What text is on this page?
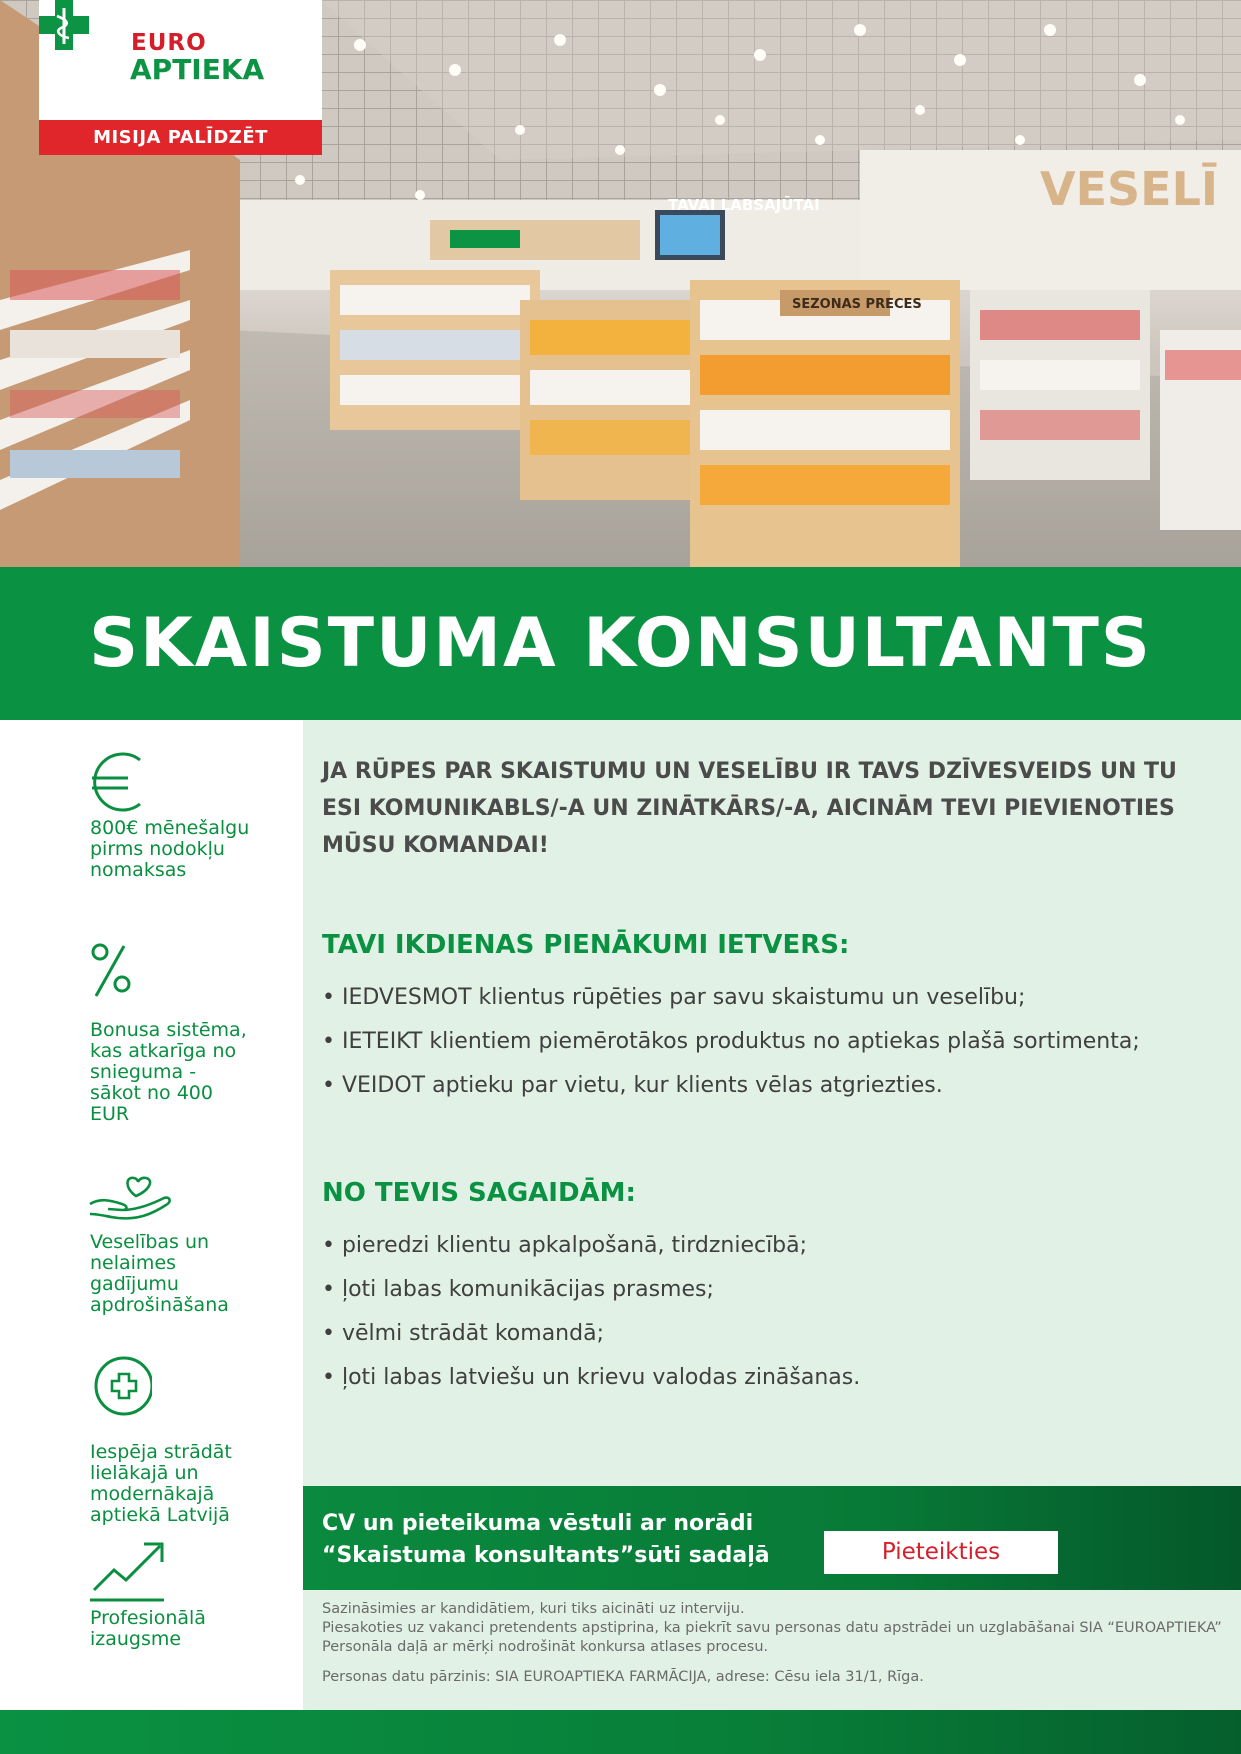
VESELĪ
SEZONAS PRECES
TAVAI LABSAJŪTAI
EURO
APTIEKA
MISIJA PALĪDZĒT
SKAISTUMA KONSULTANTS
800€ mēnešalgu pirms nodokļu nomaksas
Bonusa sistēma, kas atkarīga no snieguma - sākot no 400 EUR
Veselības un nelaimes gadījumu apdrošināšana
Iespēja strādāt lielākajā un modernākajā aptiekā Latvijā
Profesionālā izaugsme
JA RŪPES PAR SKAISTUMU UN VESELĪBU IR TAVS DZĪVESVEIDS UN TU ESI KOMUNIKABLS/-A UN ZINĀTKĀRS/-A, AICINĀM TEVI PIEVIENOTIES MŪSU KOMANDAI!
TAVI IKDIENAS PIENĀKUMI IETVERS:
• IEDVESMOT klientus rūpēties par savu skaistumu un veselību;
• IETEIKT klientiem piemērotākos produktus no aptiekas plašā sortimenta;
• VEIDOT aptieku par vietu, kur klients vēlas atgriezties.
NO TEVIS SAGAIDĀM:
• pieredzi klientu apkalpošanā, tirdzniecībā;
• ļoti labas komunikācijas prasmes;
• vēlmi strādāt komandā;
• ļoti labas latviešu un krievu valodas zināšanas.
CV un pieteikuma vēstuli ar norādi
“Skaistuma konsultants”sūti sadaļā	Pieteikties
Sazināsimies ar kandidātiem, kuri tiks aicināti uz interviju.
Piesakoties uz vakanci pretendents apstiprina, ka piekrīt savu personas datu apstrādei un uzglabāšanai SIA “EUROAPTIEKA” Personāla daļā ar mērķi nodrošināt konkursa atlases procesu.
Personas datu pārzinis: SIA EUROAPTIEKA FARMĀCIJA, adrese: Cēsu iela 31/1, Rīga.
